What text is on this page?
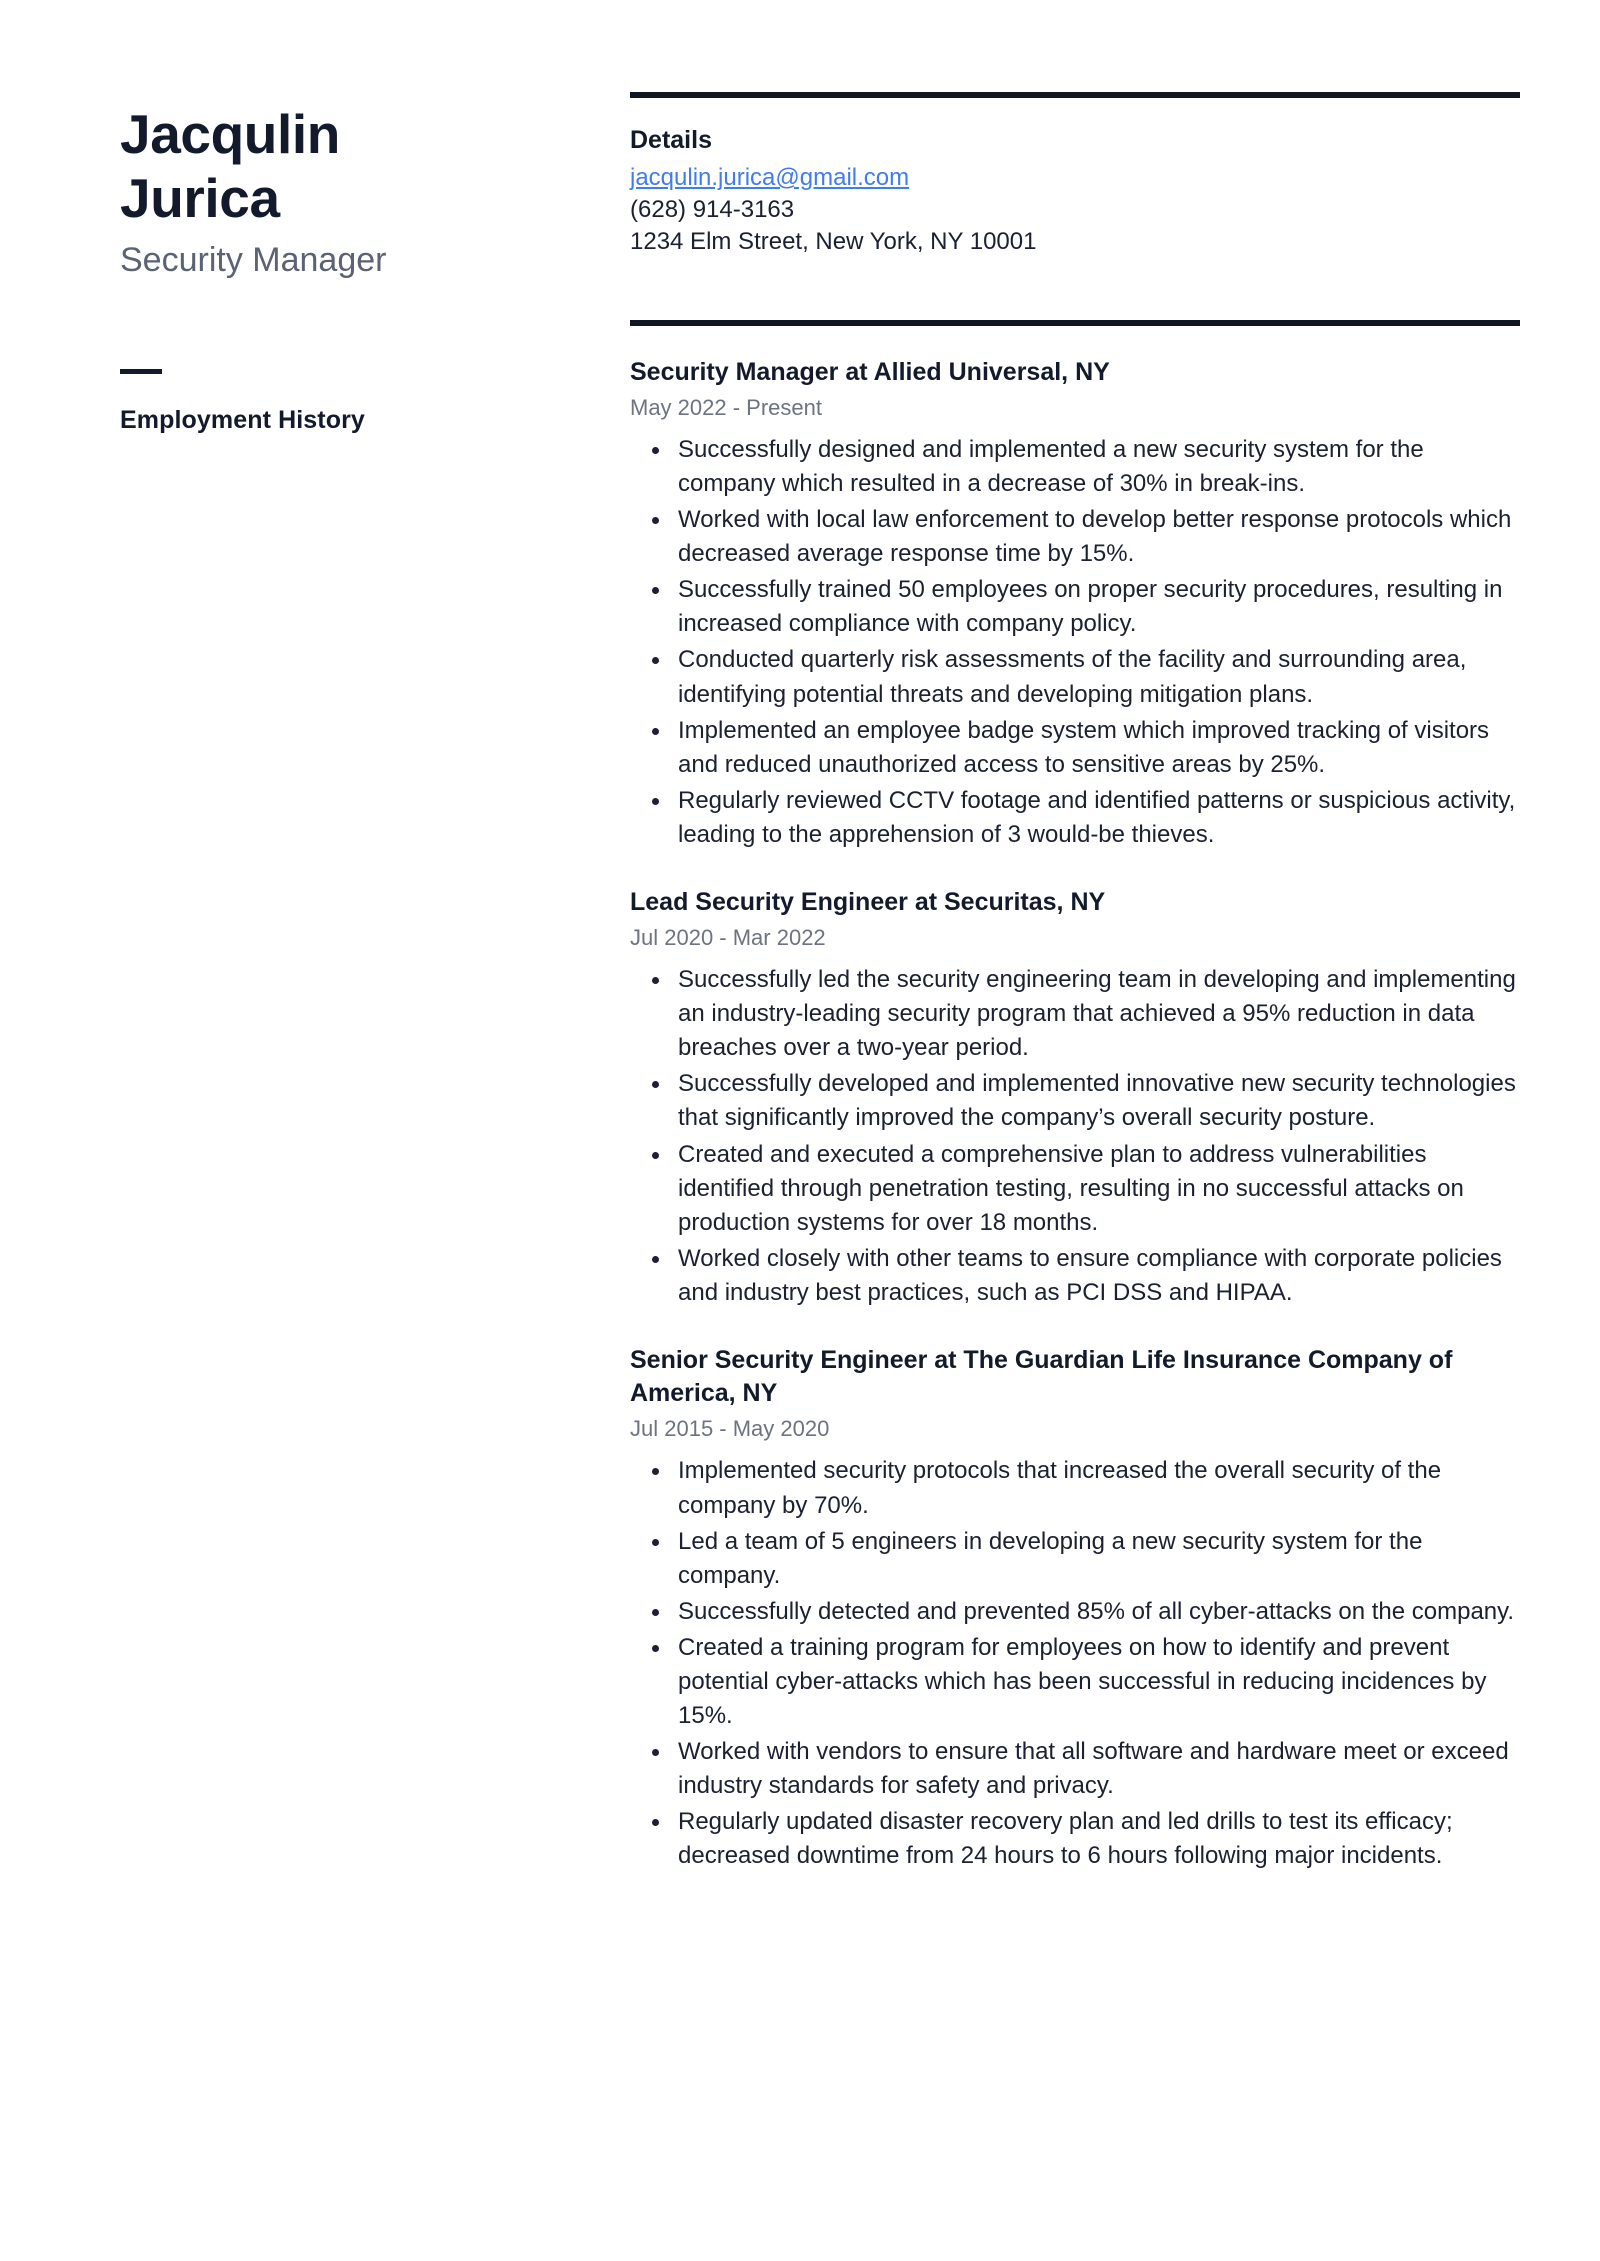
Jacqulin
Jurica
Security Manager
Employment History
Details
jacqulin.jurica@gmail.com
(628) 914-3163
1234 Elm Street, New York, NY 10001
Security Manager at Allied Universal, NY
May 2022 - Present
Successfully designed and implemented a new security system for the company which resulted in a decrease of 30% in break-ins.
Worked with local law enforcement to develop better response protocols which decreased average response time by 15%.
Successfully trained 50 employees on proper security procedures, resulting in increased compliance with company policy.
Conducted quarterly risk assessments of the facility and surrounding area, identifying potential threats and developing mitigation plans.
Implemented an employee badge system which improved tracking of visitors and reduced unauthorized access to sensitive areas by 25%.
Regularly reviewed CCTV footage and identified patterns or suspicious activity, leading to the apprehension of 3 would-be thieves.
Lead Security Engineer at Securitas, NY
Jul 2020 - Mar 2022
Successfully led the security engineering team in developing and implementing an industry-leading security program that achieved a 95% reduction in data breaches over a two-year period.
Successfully developed and implemented innovative new security technologies that significantly improved the company’s overall security posture.
Created and executed a comprehensive plan to address vulnerabilities identified through penetration testing, resulting in no successful attacks on production systems for over 18 months.
Worked closely with other teams to ensure compliance with corporate policies and industry best practices, such as PCI DSS and HIPAA.
Senior Security Engineer at The Guardian Life Insurance Company of America, NY
Jul 2015 - May 2020
Implemented security protocols that increased the overall security of the company by 70%.
Led a team of 5 engineers in developing a new security system for the company.
Successfully detected and prevented 85% of all cyber-attacks on the company.
Created a training program for employees on how to identify and prevent potential cyber-attacks which has been successful in reducing incidences by 15%.
Worked with vendors to ensure that all software and hardware meet or exceed industry standards for safety and privacy.
Regularly updated disaster recovery plan and led drills to test its efficacy; decreased downtime from 24 hours to 6 hours following major incidents.
